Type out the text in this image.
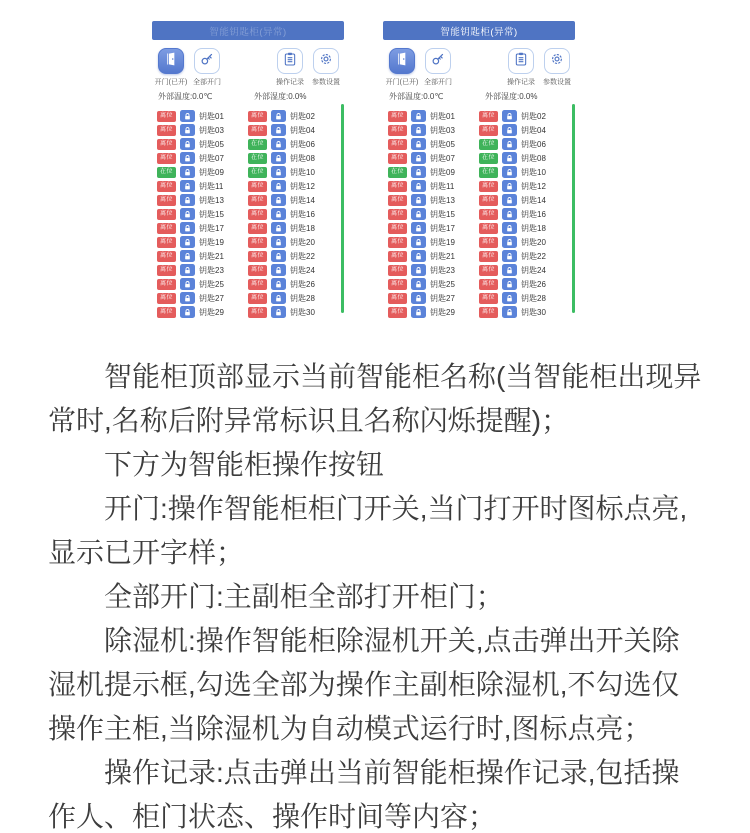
智能钥匙柜(异常)
开门(已开) 全部开门	操作记录 参数设置
外部温度:0.0℃	外部湿度:0.0%
离位	钥匙01	离位	钥匙02
离位	钥匙03	离位	钥匙04
离位	钥匙05	在位	钥匙06
离位	钥匙07	在位	钥匙08
在位	钥匙09	在位	钥匙10
离位	钥匙11	离位	钥匙12
离位	钥匙13	离位	钥匙14
离位	钥匙15	离位	钥匙16
离位	钥匙17	离位	钥匙18
离位	钥匙19	离位	钥匙20
离位	钥匙21	离位	钥匙22
离位	钥匙23	离位	钥匙24
离位	钥匙25	离位	钥匙26
离位	钥匙27	离位	钥匙28
离位	钥匙29	离位	钥匙30
智能钥匙柜(异常)
开门(已开) 全部开门	操作记录 参数设置
外部温度:0.0℃	外部湿度:0.0%
离位	钥匙01	离位	钥匙02
离位	钥匙03	离位	钥匙04
离位	钥匙05	在位	钥匙06
离位	钥匙07	在位	钥匙08
在位	钥匙09	在位	钥匙10
离位	钥匙11	离位	钥匙12
离位	钥匙13	离位	钥匙14
离位	钥匙15	离位	钥匙16
离位	钥匙17	离位	钥匙18
离位	钥匙19	离位	钥匙20
离位	钥匙21	离位	钥匙22
离位	钥匙23	离位	钥匙24
离位	钥匙25	离位	钥匙26
离位	钥匙27	离位	钥匙28
离位	钥匙29	离位	钥匙30

智能柜顶部显示当前智能柜名称(当智能柜出现异常时,名称后附异常标识且名称闪烁提醒)；

下方为智能柜操作按钮

开门:操作智能柜柜门开关,当门打开时图标点亮,显示已开字样；

全部开门:主副柜全部打开柜门；

除湿机:操作智能柜除湿机开关,点击弹出开关除湿机提示框,勾选全部为操作主副柜除湿机,不勾选仅操作主柜,当除湿机为自动模式运行时,图标点亮；

操作记录:点击弹出当前智能柜操作记录,包括操作人、柜门状态、操作时间等内容；
